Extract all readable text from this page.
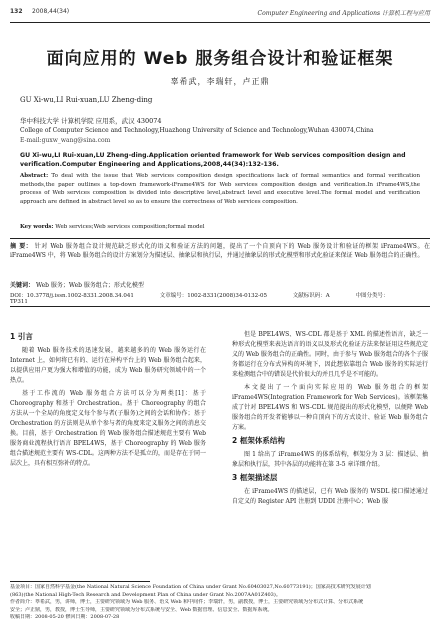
132 2008,44(34)	Computer Engineering and Applications 计算机工程与应用
面向应用的 Web 服务组合设计和验证框架
辜希武，李瑞轩，卢正鼎
GU Xi-wu,LI Rui-xuan,LU Zheng-ding
华中科技大学 计算机学院 应用系，武汉 430074
College of Computer Science and Technology,Huazhong University of Science and Technology,Wuhan 430074,China
E-mail:guxw_wang@sina.com
GU Xi-wu,LI Rui-xuan,LU Zheng-ding.Application oriented framework for Web services composition design and verification.Computer Engineering and Applications,2008,44(34):132-136.
Abstract: To deal with the issue that Web services composition design specifications lack of formal semantics and formal verification methods,the paper outlines a top-down framework-iFrame4WS for Web services composition design and verification.In iFrame4WS,the process of Web services composition is divided into descriptive level,abstract level and executive level.The formal model and verification approach are defined in abstract level so as to ensure the correctness of Web services composition.
Key words: Web services;Web services composition;formal model
摘 要： 针对 Web 服务组合设计规范缺乏形式化的语义和验证方法的问题，提出了一个自顶向下的 Web 服务设计和验证的框架 iFrame4WS。在 iFrame4WS 中，将 Web 服务组合的设计方案划分为描述层、抽象层和执行层，并通过抽象层的形式化模型和形式化验证来保证 Web 服务组合的正确性。
关键词： Web 服务；Web 服务组合；形式化模型
DOI：10.3778/j.issn.1002-8331.2008.34.041	文章编号：1002-8331(2008)34-0132-05	文献标识码：A	中图分类号：TP311
1 引言

随着 Web 服务技术的迅速发展，越来越多的的 Web 服务运行在 Internet 上，如何将已有的、运行在异构平台上的 Web 服务组合起来，以提供应用户更为强大和增值的功能，成为 Web 服务研究领域中的一个热点。

基于工作流的 Web 服务组合方法可以分为两类[1]：基于 Choreography 和基于 Orchestration。基于 Choreography 的组合方法从一个全局的角度定义每个参与者(子服务)之间的会话和协作；基于 Orchestration 的方法则是从单个参与者的角度来定义服务之间的消息交换。目前，基于 Orchestration 的 Web 服务组合描述规范主要有 Web 服务商业流程执行语言 BPEL4WS，基于 Choreography 的 Web 服务组合描述规范主要有 WS-CDL。这两种方法不是孤立的，而是存在于同一层次上，具有相互弥补的特点。

但是 BPEL4WS、WS-CDL 都是基于 XML 的描述性语言，缺乏一种形式化模型来表达语言的语义以及形式化验证方法来保证用这些规范定义的 Web 服务组合的正确性。同时，由于参与 Web 服务组合的各个子服务都运行在分布式异构的环境下，因此想依靠组合 Web 服务的实际运行来检测组合中的错误是代价很大的并且几乎是不可能的。

本文提出了一个面向实际应用的 Web 服务组合的框架 iFrame4WS(Integration Framework for Web Services)。该框架集成了针对 BPEL4WS 和 WS-CDL 规范提出的形式化模型，以便降 Web 服务组合的开发者能够以一种自顶向下的方式设计、验证 Web 服务组合方案。

2 框架体系结构

图 1 给出了 iFrame4WS 的体系结构，框架分为 3 层：描述层、抽象层和执行层，其中各层的功能将在第 3-5 章详细介绍。

3 框架描述层

在 iFrame4WS 的描述层，已有 Web 服务的 WSDL 接口描述通过自定义的 Register API 注册到 UDDI 注册中心；Web 服

基金项目：国家自然科学基金(the National Natural Science Foundation of China under Grant No.60403027,No.60773191)；国家高技术研究发展计划
(863)(the National High-Tech Research and Development Plan of China under Grant No.2007AA01Z403)。
作者简介：辜希武，男，讲师，博士，主要研究领域为 Web 服务、语义 Web 和中间件；李瑞轩，男，副教授，博士，主要研究领域为分布式计算、分布式系统
安全；卢正鼎，男，教授，博士生导师，主要研究领域为分布式系统与安全、Web 数据管理、信息安全、数据库系统。
收稿日期：2008-05-20 修回日期：2008-07-28
